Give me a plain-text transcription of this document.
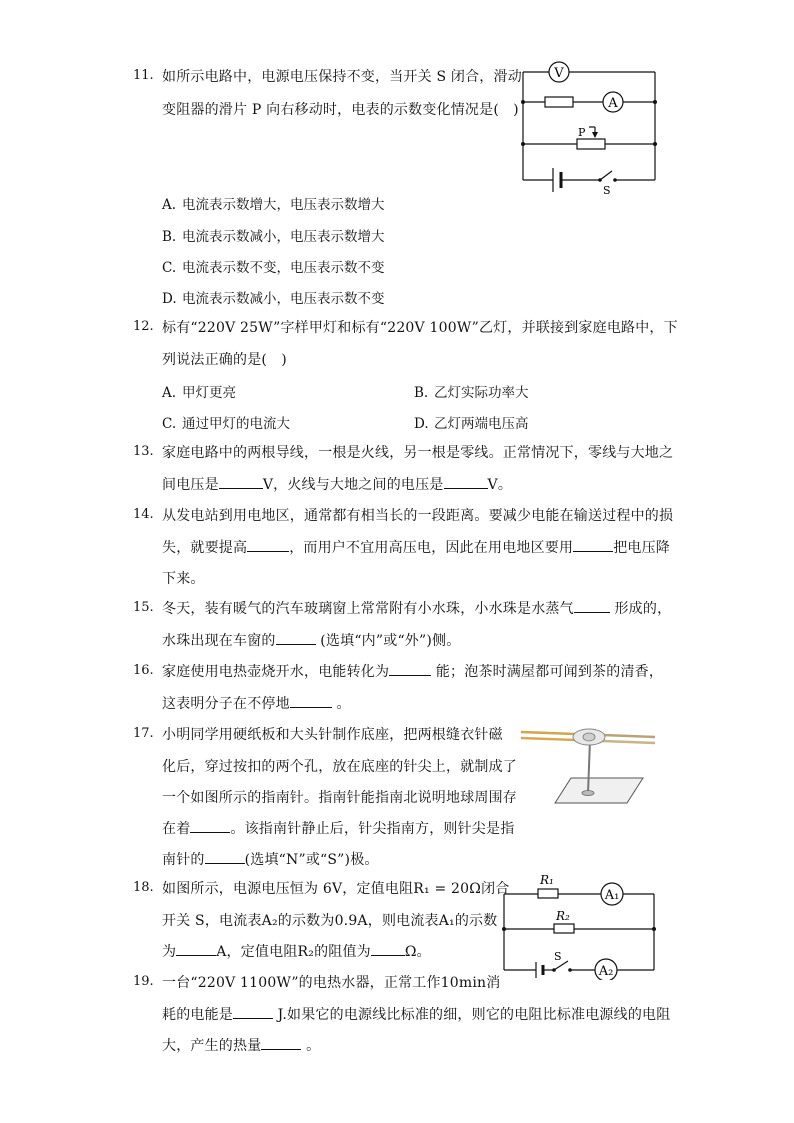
11. 如所示电路中，电源电压保持不变，当开关 S 闭合，滑动
变阻器的滑片 P 向右移动时，电表的示数变化情况是(　)
A. 电流表示数增大，电压表示数增大
B. 电流表示数减小，电压表示数增大
C. 电流表示数不变，电压表示数不变
D. 电流表示数减小，电压表示数不变
V
A
P
S
12. 标有“220V 25W”字样甲灯和标有“220V 100W”乙灯，并联接到家庭电路中，下
列说法正确的是(　)
A. 甲灯更亮	B. 乙灯实际功率大
C. 通过甲灯的电流大	D. 乙灯两端电压高
13. 家庭电路中的两根导线，一根是火线，另一根是零线。正常情况下，零线与大地之
间电压是	V，火线与大地之间的电压是	V。
14. 从发电站到用电地区，通常都有相当长的一段距离。要减少电能在输送过程中的损
失，就要提高	，而用户不宜用高压电，因此在用电地区要用	把电压降
下来。
15. 冬天，装有暖气的汽车玻璃窗上常常附有小水珠，小水珠是水蒸气	形成的，
水珠出现在车窗的	(选填“内”或“外”)侧。
16. 家庭使用电热壶烧开水，电能转化为	能；泡茶时满屋都可闻到茶的清香，
这表明分子在不停地	。
17. 小明同学用硬纸板和大头针制作底座，把两根缝衣针磁
化后，穿过按扣的两个孔，放在底座的针尖上，就制成了
一个如图所示的指南针。指南针能指南北说明地球周围存
在着	。该指南针静止后，针尖指南方，则针尖是指
南针的	(选填“N”或“S”)极。
18. 如图所示，电源电压恒为 6V，定值电阻R₁ = 20Ω闭合
开关 S，电流表A₂的示数为0.9A，则电流表A₁的示数
为	A，定值电阻R₂的阻值为 Ω。
A₁
A₂
R₁
R₂
S
19. 一台“220V 1100W”的电热水器，正常工作10min消
耗的电能是	J.如果它的电源线比标准的细，则它的电阻比标准电源线的电阻
大，产生的热量	。
